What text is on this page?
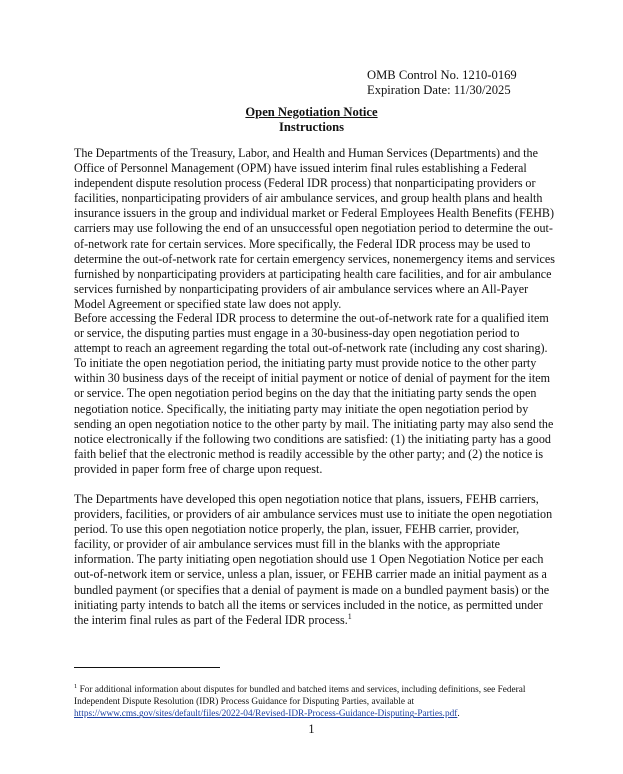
OMB Control No. 1210-0169
Expiration Date: 11/30/2025
Open Negotiation Notice
Instructions

The Departments of the Treasury, Labor, and Health and Human Services (Departments) and the Office of Personnel Management (OPM) have issued interim final rules establishing a Federal independent dispute resolution process (Federal IDR process) that nonparticipating providers or facilities, nonparticipating providers of air ambulance services, and group health plans and health insurance issuers in the group and individual market or Federal Employees Health Benefits (FEHB) carriers may use following the end of an unsuccessful open negotiation period to determine the out-of-network rate for certain services. More specifically, the Federal IDR process may be used to determine the out-of-network rate for certain emergency services, nonemergency items and services furnished by nonparticipating providers at participating health care facilities, and for air ambulance services furnished by nonparticipating providers of air ambulance services where an All-Payer Model Agreement or specified state law does not apply.

Before accessing the Federal IDR process to determine the out-of-network rate for a qualified item or service, the disputing parties must engage in a 30-business-day open negotiation period to attempt to reach an agreement regarding the total out-of-network rate (including any cost sharing). To initiate the open negotiation period, the initiating party must provide notice to the other party within 30 business days of the receipt of initial payment or notice of denial of payment for the item or service. The open negotiation period begins on the day that the initiating party sends the open negotiation notice. Specifically, the initiating party may initiate the open negotiation period by sending an open negotiation notice to the other party by mail. The initiating party may also send the notice electronically if the following two conditions are satisfied: (1) the initiating party has a good faith belief that the electronic method is readily accessible by the other party; and (2) the notice is provided in paper form free of charge upon request.

The Departments have developed this open negotiation notice that plans, issuers, FEHB carriers, providers, facilities, or providers of air ambulance services must use to initiate the open negotiation period. To use this open negotiation notice properly, the plan, issuer, FEHB carrier, provider, facility, or provider of air ambulance services must fill in the blanks with the appropriate information. The party initiating open negotiation should use 1 Open Negotiation Notice per each out-of-network item or service, unless a plan, issuer, or FEHB carrier made an initial payment as a bundled payment (or specifies that a denial of payment is made on a bundled payment basis) or the initiating party intends to batch all the items or services included in the notice, as permitted under the interim final rules as part of the Federal IDR process.$^1$

$^1$ For additional information about disputes for bundled and batched items and services, including definitions, see Federal Independent Dispute Resolution (IDR) Process Guidance for Disputing Parties, available at https://www.cms.gov/sites/default/files/2022-04/Revised-IDR-Process-Guidance-Disputing-Parties.pdf.

1
